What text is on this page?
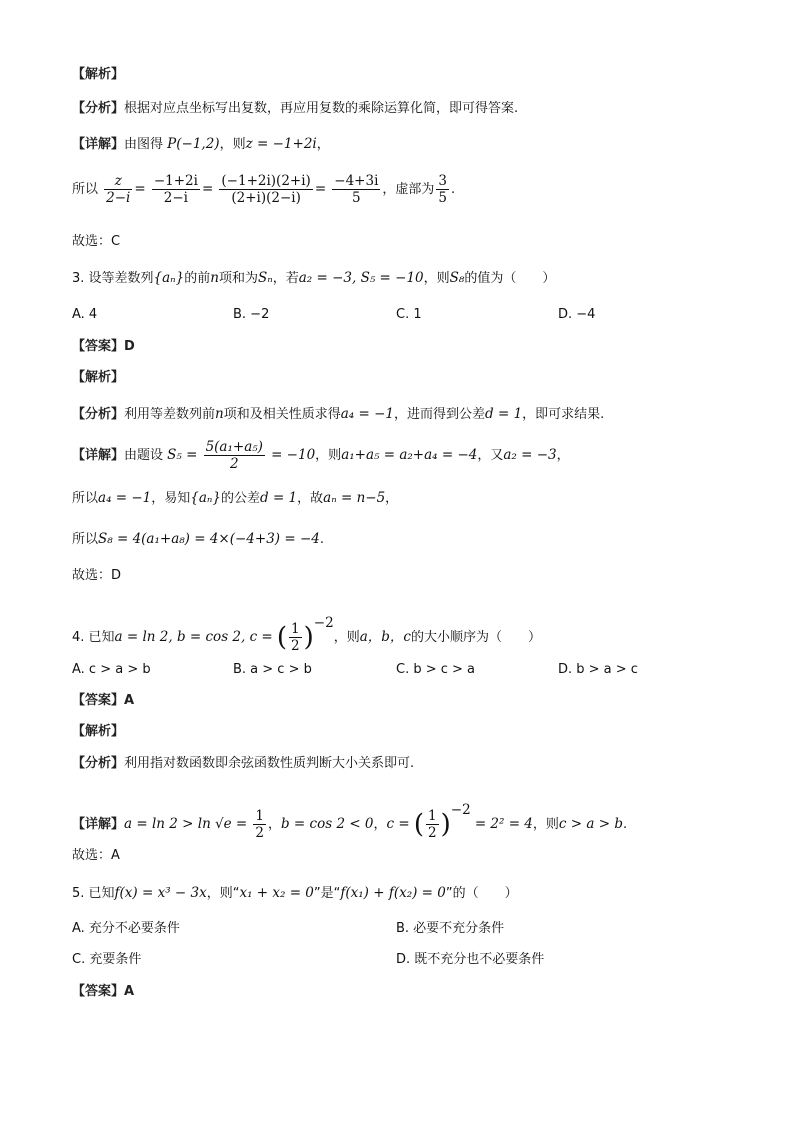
【解析】
【分析】根据对应点坐标写出复数，再应用复数的乘除运算化简，即可得答案.
【详解】由图得 P(−1,2)，则z = −1+2i，
所以 $\frac{z}{2-i} = \frac{-1+2i}{2-i} = \frac{(-1+2i)(2+i)}{(2+i)(2-i)} = \frac{-4+3i}{5}$ ，虚部为 $\frac{3}{5}$ .
故选：C
3. 设等差数列{aₙ}的前n项和为Sₙ，若a₂ = −3, S₅ = −10，则S₈的值为（　　）
A. 4	B. −2	C. 1	D. −4
【答案】D
【解析】
【分析】利用等差数列前n项和及相关性质求得a₄ = −1，进而得到公差d = 1，即可求结果.
【详解】由题设 $S_5 = \frac{\text{5(a₁+a₅)}}{2} = -10$，则a₁+a₅ = a₂+a₄ = −4，又a₂ = −3，
所以a₄ = −1，易知{aₙ}的公差d = 1，故aₙ = n−5，
所以S₈ = 4(a₁+a₈) = 4×(−4+3) = −4.
故选：D
4. 已知a = ln 2, b = cos 2, c = ( $\frac{1}{2} )^{-2}$，则a，b，c的大小顺序为（　　）
A. c > a > b	B. a > c > b	C. b > c > a	D. b > a > c
【答案】A
【解析】
【分析】利用指对数函数即余弦函数性质判断大小关系即可.
【详解】$a = \ln 2 > \ln √e = \frac{1}{2}$ ，b = cos 2 < 0，c = ( $\frac{1}{2} )^{-2} = 2^2 = 4$，则c > a > b.
故选：A
5. 已知f(x) = x³ − 3x，则“x₁ + x₂ = 0”是“f(x₁) + f(x₂) = 0”的（　　）
A. 充分不必要条件	B. 必要不充分条件
C. 充要条件	D. 既不充分也不必要条件
【答案】A
